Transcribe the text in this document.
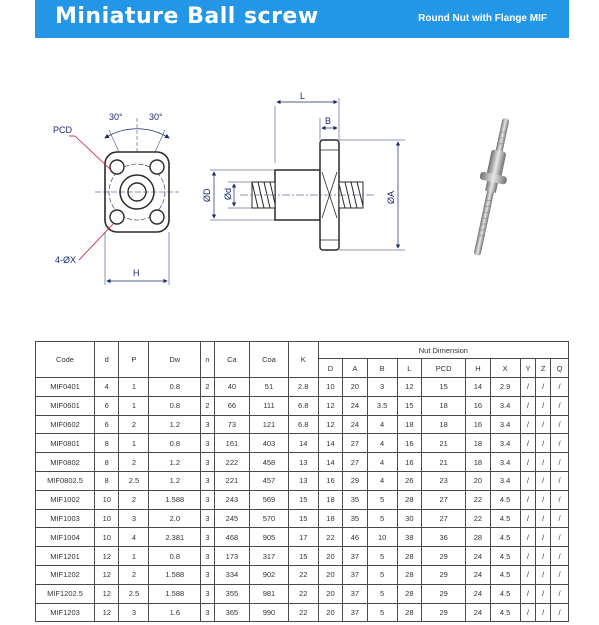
Miniature Ball screw	Round Nut with Flange MIF
30°	30°
PCD
4-ØX
H
L
B
ØD Ød	ØA
Code	d	P	Dw	n	Ca	Coa	K	Nut Dimension									
								D	A	B	L	PCD	H	X	Y	Z	Q
MIF0401	4	1	0.8	2	40	51	2.8	10	20	3	12	15	14	2.9	/	/	/
MIF0601	6	1	0.8	2	66	111	6.8	12	24	3.5	15	18	16	3.4	/	/	/
MIF0602	6	2	1.2	3	73	121	6.8	12	24	4	18	18	16	3.4	/	/	/
MIF0801	8	1	0.8	3	161	403	14	14	27	4	16	21	18	3.4	/	/	/
MIF0802	8	2	1.2	3	222	458	13	14	27	4	16	21	18	3.4	/	/	/
MIF0802.5	8	2.5	1.2	3	221	457	13	16	29	4	26	23	20	3.4	/	/	/
MIF1002	10	2	1.588	3	243	569	15	18	35	5	28	27	22	4.5	/	/	/
MIF1003	10	3	2.0	3	245	570	15	18	35	5	30	27	22	4.5	/	/	/
MIF1004	10	4	2.381	3	468	905	17	22	46	10	38	36	28	4.5	/	/	/
MIF1201	12	1	0.8	3	173	317	15	20	37	5	28	29	24	4.5	/	/	/
MIF1202	12	2	1.588	3	334	902	22	20	37	5	28	29	24	4.5	/	/	/
MIF1202.5	12	2.5	1.588	3	355	981	22	20	37	5	28	29	24	4.5	/	/	/
MIF1203	12	3	1.6	3	365	990	22	20	37	5	28	29	24	4.5	/	/	/
